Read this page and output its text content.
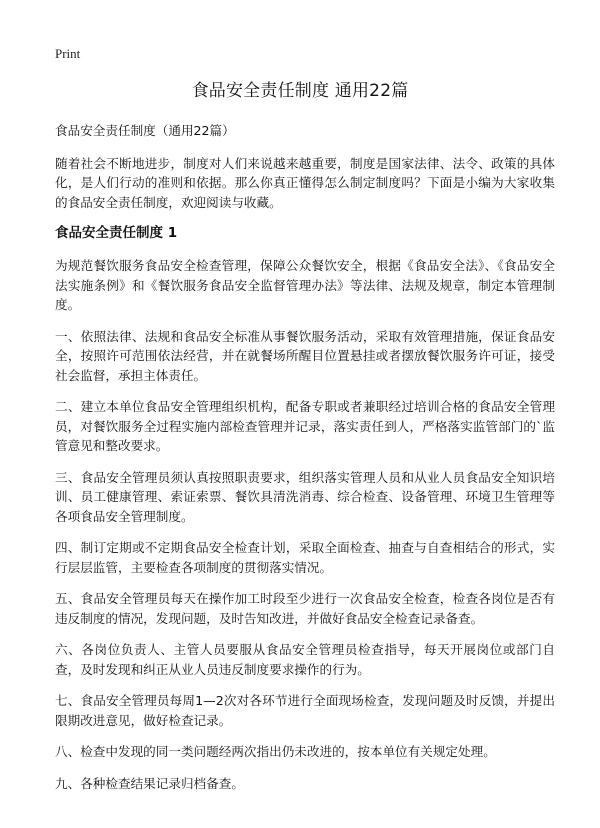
Print
食品安全责任制度 通用22篇

食品安全责任制度（通用22篇）

随着社会不断地进步，制度对人们来说越来越重要，制度是国家法律、法令、政策的具体化，是人们行动的准则和依据。那么你真正懂得怎么制定制度吗？下面是小编为大家收集的食品安全责任制度，欢迎阅读与收藏。

食品安全责任制度 1

为规范餐饮服务食品安全检查管理，保障公众餐饮安全，根据《食品安全法》、《食品安全法实施条例》和《餐饮服务食品安全监督管理办法》等法律、法规及规章，制定本管理制度。

一、依照法律、法规和食品安全标准从事餐饮服务活动，采取有效管理措施，保证食品安全，按照许可范围依法经营，并在就餐场所醒目位置悬挂或者摆放餐饮服务许可证，接受社会监督，承担主体责任。

二、建立本单位食品安全管理组织机构，配备专职或者兼职经过培训合格的食品安全管理员，对餐饮服务全过程实施内部检查管理并记录，落实责任到人，严格落实监管部门的`监管意见和整改要求。

三、食品安全管理员须认真按照职责要求，组织落实管理人员和从业人员食品安全知识培训、员工健康管理、索证索票、餐饮具清洗消毒、综合检查、设备管理、环境卫生管理等各项食品安全管理制度。

四、制订定期或不定期食品安全检查计划，采取全面检查、抽查与自查相结合的形式，实行层层监管，主要检查各项制度的贯彻落实情况。

五、食品安全管理员每天在操作加工时段至少进行一次食品安全检查，检查各岗位是否有违反制度的情况，发现问题，及时告知改进，并做好食品安全检查记录备查。

六、各岗位负责人、主管人员要服从食品安全管理员检查指导，每天开展岗位或部门自查，及时发现和纠正从业人员违反制度要求操作的行为。

七、食品安全管理员每周1—2次对各环节进行全面现场检查，发现问题及时反馈，并提出限期改进意见，做好检查记录。

八、检查中发现的同一类问题经两次指出仍未改进的，按本单位有关规定处理。

九、各种检查结果记录归档备查。
